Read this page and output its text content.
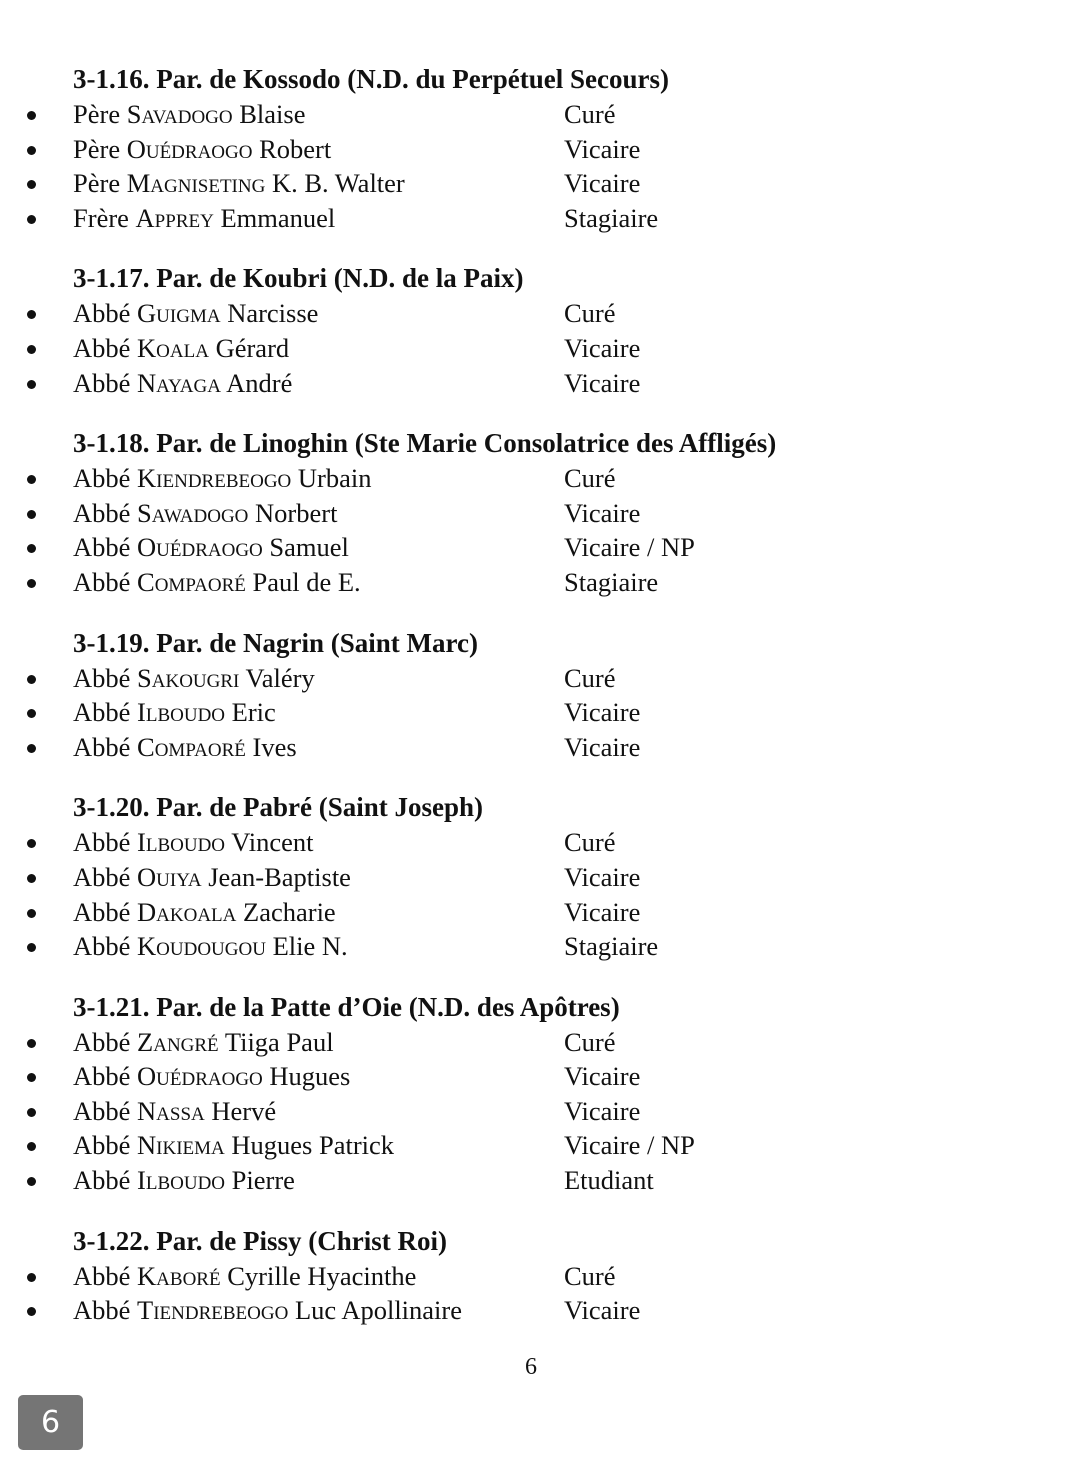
3-1.16. Par. de Kossodo (N.D. du Perpétuel Secours)
Père Savadogo Blaise	Curé
Père Ouédraogo Robert	Vicaire
Père Magniseting K. B. Walter	Vicaire
Frère Apprey Emmanuel	Stagiaire
3-1.17. Par. de Koubri (N.D. de la Paix)
Abbé Guigma Narcisse	Curé
Abbé Koala Gérard	Vicaire
Abbé Nayaga André	Vicaire
3-1.18. Par. de Linoghin (Ste Marie Consolatrice des Affligés)
Abbé Kiendrebeogo Urbain	Curé
Abbé Sawadogo Norbert	Vicaire
Abbé Ouédraogo Samuel	Vicaire / NP
Abbé Compaoré Paul de E.	Stagiaire
3-1.19. Par. de Nagrin (Saint Marc)
Abbé Sakougri Valéry	Curé
Abbé Ilboudo Eric	Vicaire
Abbé Compaoré Ives	Vicaire
3-1.20. Par. de Pabré (Saint Joseph)
Abbé Ilboudo Vincent	Curé
Abbé Ouiya Jean-Baptiste	Vicaire
Abbé Dakoala Zacharie	Vicaire
Abbé Koudougou Elie N.	Stagiaire
3-1.21. Par. de la Patte d’Oie (N.D. des Apôtres)
Abbé Zangré Tiiga Paul	Curé
Abbé Ouédraogo Hugues	Vicaire
Abbé Nassa Hervé	Vicaire
Abbé Nikiema Hugues Patrick	Vicaire / NP
Abbé Ilboudo Pierre	Etudiant
3-1.22. Par. de Pissy (Christ Roi)
Abbé Kaboré Cyrille Hyacinthe	Curé
Abbé Tiendrebeogo Luc Apollinaire	Vicaire
6
6
